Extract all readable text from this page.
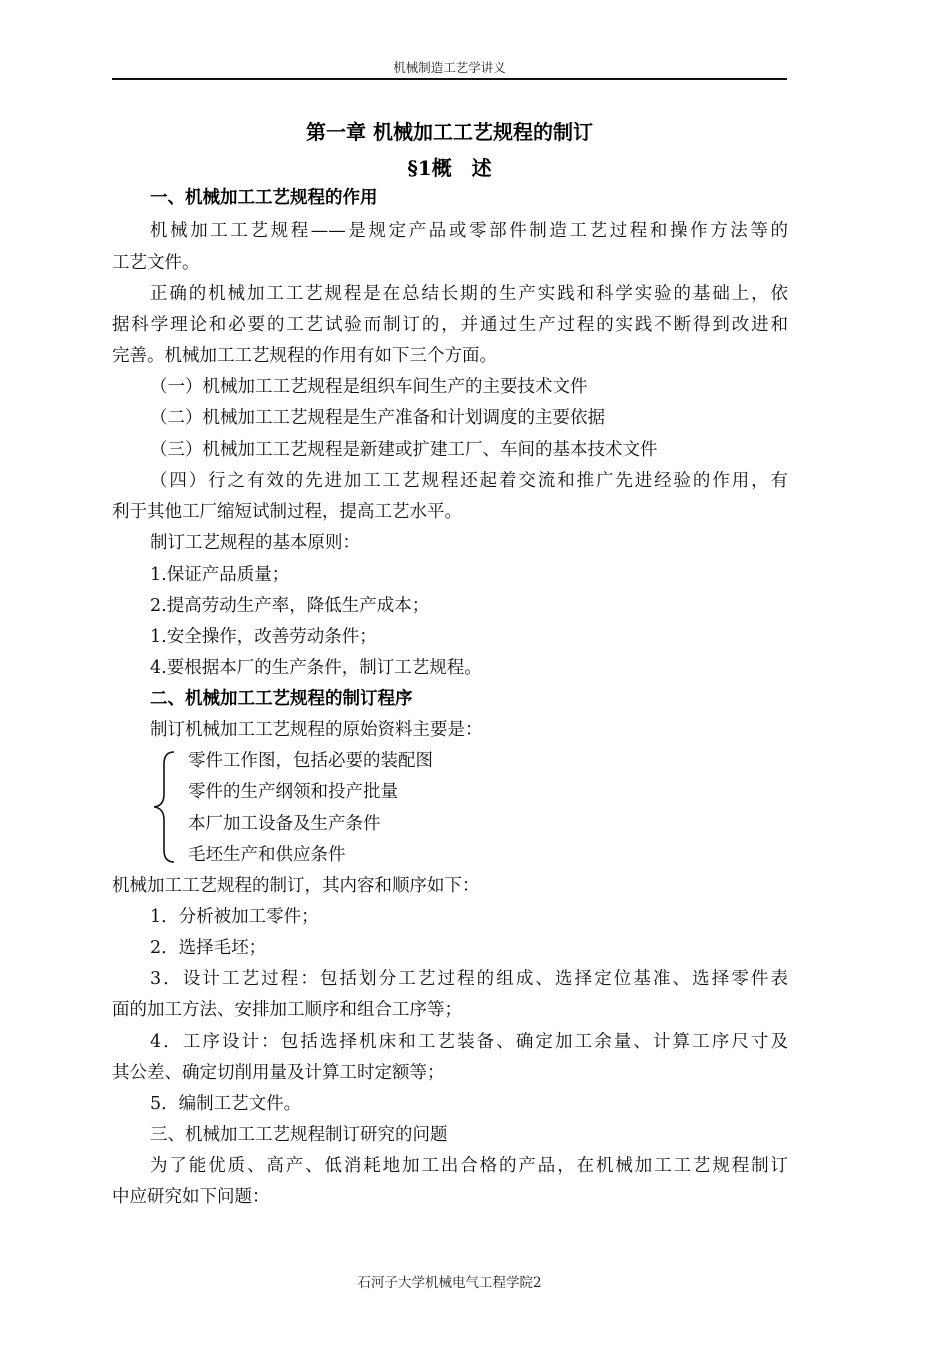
机械制造工艺学讲义
第一章 机械加工工艺规程的制订
§1概　述
一、机械加工工艺规程的作用
机械加工工艺规程——是规定产品或零部件制造工艺过程和操作方法等的
工艺文件。
正确的机械加工工艺规程是在总结长期的生产实践和科学实验的基础上，依
据科学理论和必要的工艺试验而制订的，并通过生产过程的实践不断得到改进和
完善。机械加工工艺规程的作用有如下三个方面。
（一）机械加工工艺规程是组织车间生产的主要技术文件
（二）机械加工工艺规程是生产准备和计划调度的主要依据
（三）机械加工工艺规程是新建或扩建工厂、车间的基本技术文件
（四）行之有效的先进加工工艺规程还起着交流和推广先进经验的作用，有
利于其他工厂缩短试制过程，提高工艺水平。
制订工艺规程的基本原则：
1.保证产品质量；
2.提高劳动生产率，降低生产成本；
1.安全操作，改善劳动条件；
4.要根据本厂的生产条件，制订工艺规程。
二、机械加工工艺规程的制订程序
制订机械加工工艺规程的原始资料主要是：
零件工作图，包括必要的装配图
零件的生产纲领和投产批量
本厂加工设备及生产条件
毛坯生产和供应条件
机械加工工艺规程的制订，其内容和顺序如下：
1．分析被加工零件；
2．选择毛坯；
3．设计工艺过程：包括划分工艺过程的组成、选择定位基准、选择零件表
面的加工方法、安排加工顺序和组合工序等；
4．工序设计：包括选择机床和工艺装备、确定加工余量、计算工序尺寸及
其公差、确定切削用量及计算工时定额等；
5．编制工艺文件。
三、机械加工工艺规程制订研究的问题
为了能优质、高产、低消耗地加工出合格的产品，在机械加工工艺规程制订
中应研究如下问题：
石河子大学机械电气工程学院2
